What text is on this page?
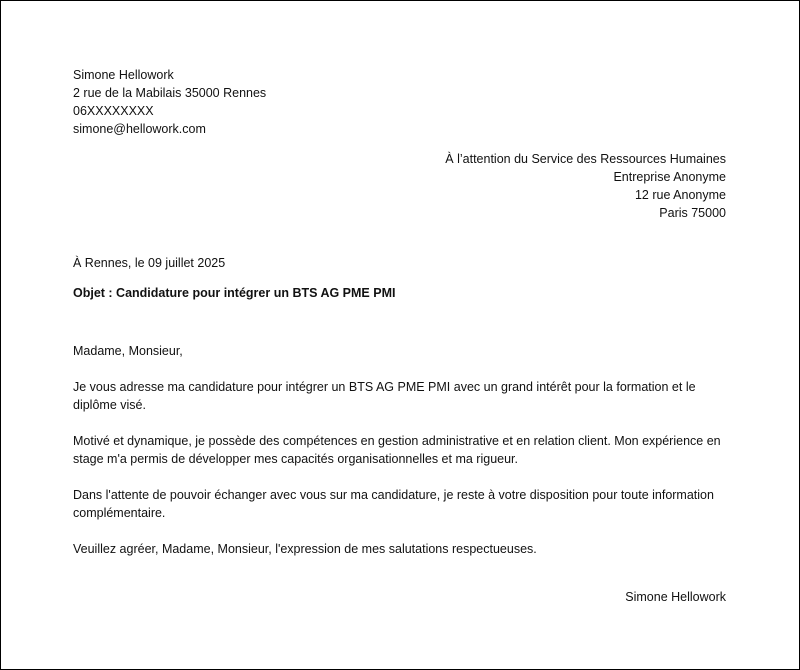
Simone Hellowork
2 rue de la Mabilais 35000 Rennes
06XXXXXXXX
simone@hellowork.com
À l’attention du Service des Ressources Humaines
Entreprise Anonyme
12 rue Anonyme
Paris 75000
À Rennes, le 09 juillet 2025
Objet : Candidature pour intégrer un BTS AG PME PMI

Madame, Monsieur,

Je vous adresse ma candidature pour intégrer un BTS AG PME PMI avec un grand intérêt pour la formation et le diplôme visé.

Motivé et dynamique, je possède des compétences en gestion administrative et en relation client. Mon expérience en stage m'a permis de développer mes capacités organisationnelles et ma rigueur.

Dans l'attente de pouvoir échanger avec vous sur ma candidature, je reste à votre disposition pour toute information complémentaire.

Veuillez agréer, Madame, Monsieur, l'expression de mes salutations respectueuses.

Simone Hellowork
